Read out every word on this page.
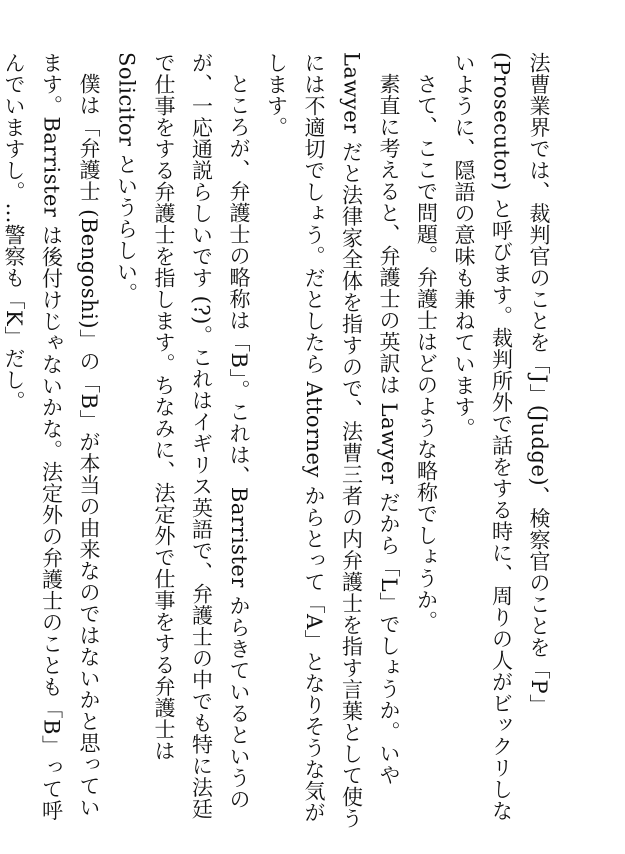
法曹業界では、裁判官のことを「J」(Judge)、検察官のことを「P」(Prosecutor) と呼びます。裁判所外で話をする時に、周りの人がビックリしないように、隠語の意味も兼ねています。

さて、ここで問題。弁護士はどのような略称でしょうか。

素直に考えると、弁護士の英訳は Lawyer だから「L」でしょうか。いや Lawyer だと法律家全体を指すので、法曹三者の内弁護士を指す言葉として使うには不適切でしょう。だとしたら Attorney からとって「A」となりそうな気がします。

ところが、弁護士の略称は「B」。これは、Barrister からきているというのが、一応通説らしいです (?)。これはイギリス英語で、弁護士の中でも特に法廷で仕事をする弁護士を指します。ちなみに、法定外で仕事をする弁護士は Solicitor というらしい。

僕は「弁護士 (Bengoshi)」の「B」が本当の由来なのではないかと思っています。Barrister は後付けじゃないかな。法定外の弁護士のことも「B」って呼んでいますし。…警察も「K」だし。
